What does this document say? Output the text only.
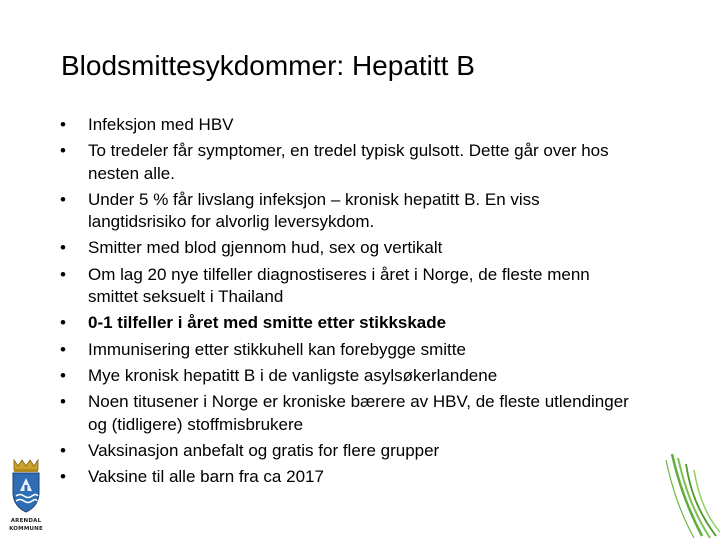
Blodsmittesykdommer: Hepatitt B
•	Infeksjon med HBV
•	To tredeler får symptomer, en tredel typisk gulsott. Dette går over hos nesten alle.
•	Under 5 % får livslang infeksjon – kronisk hepatitt B. En viss langtidsrisiko for alvorlig leversykdom.
•	Smitter med blod gjennom hud, sex og vertikalt
•	Om lag 20 nye tilfeller diagnostiseres i året i Norge, de fleste menn smittet seksuelt i Thailand
•	0-1 tilfeller i året med smitte etter stikkskade
•	Immunisering etter stikkuhell kan forebygge smitte
•	Mye kronisk hepatitt B i de vanligste asylsøkerlandene
•	Noen titusener i Norge er kroniske bærere av HBV, de fleste utlendinger og (tidligere) stoffmisbrukere
•	Vaksinasjon anbefalt og gratis for flere grupper
•	Vaksine til alle barn fra ca 2017
ARENDAL
KOMMUNE
